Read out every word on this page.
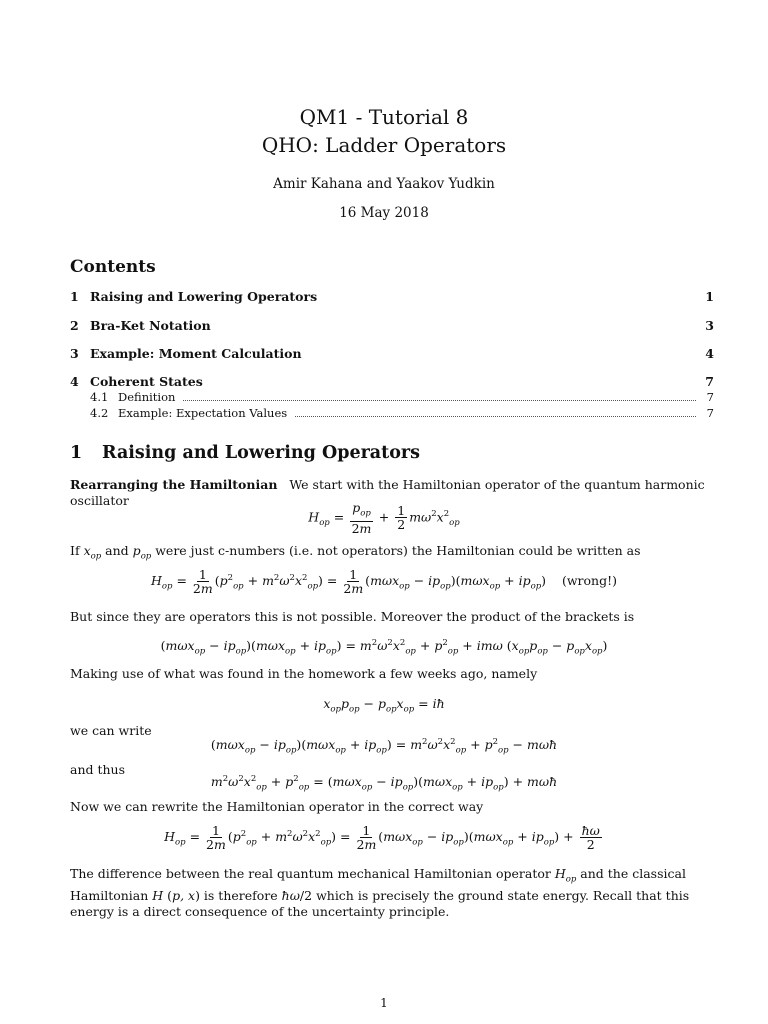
QM1 - Tutorial 8
QHO: Ladder Operators
Amir Kahana and Yaakov Yudkin
16 May 2018
Contents
1 Raising and Lowering Operators	1
2 Bra-Ket Notation	3
3 Example: Moment Calculation	4
4 Coherent States	7
4.1 Definition	7
4.2 Example: Expectation Values	7
1 Raising and Lowering Operators
Rearranging the Hamiltonian We start with the Hamiltonian operator of the quantum harmonic oscillator
$H_{op} = \frac{p_{op}}{2m} + \frac{1}{2} m\omega^2x^2_{op}$
If $x_{op}$ and $p_{op}$ were just c-numbers (i.e. not operators) the Hamiltonian could be written as
$H_{op} = \frac{1}{2m} (p^2_{op} + m^2\omega^2x^2_{op}) = \frac{1}{2m} (m\omega x_{op} - ip_{op})(m\omega x_{op} + ip_{op})$ (wrong!)
But since they are operators this is not possible. Moreover the product of the brackets is
$(m\omega x_{op} - ip_{op})(m\omega x_{op} + ip_{op}) = m^2\omega^2x^2_{op} + p^2_{op} + im\omega$ $(x_{op}p_{op} - p_{op}x_{op})$
Making use of what was found in the homework a few weeks ago, namely
$x_{op}p_{op} - p_{op}x_{op}$ = iħ
we can write
$(m\omega x_{op} - ip_{op})(m\omega x_{op} + ip_{op}) = m^2\omega^2x^2_{op} + p^2_{op}$ − mωħ
and thus
$m^2\omega^2x^2_{op} + p^2_{op} = (m\omega x_{op} - ip_{op})(m\omega x_{op} + ip_{op})$ + mωħ
Now we can rewrite the Hamiltonian operator in the correct way
$H_{op} = \frac{1}{2m} (p^2_{op} + m^2\omega^2x^2_{op}) = \frac{1}{2m} (m\omega x_{op} - ip_{op})(m\omega x_{op} + ip_{op}) + \frac{ħ\omega}{2}$
The difference between the real quantum mechanical Hamiltonian operator $H_{op}$ and the classical Hamiltonian H (p, x) is therefore ħω/2 which is precisely the ground state energy. Recall that this energy is a direct consequence of the uncertainty principle.
1
